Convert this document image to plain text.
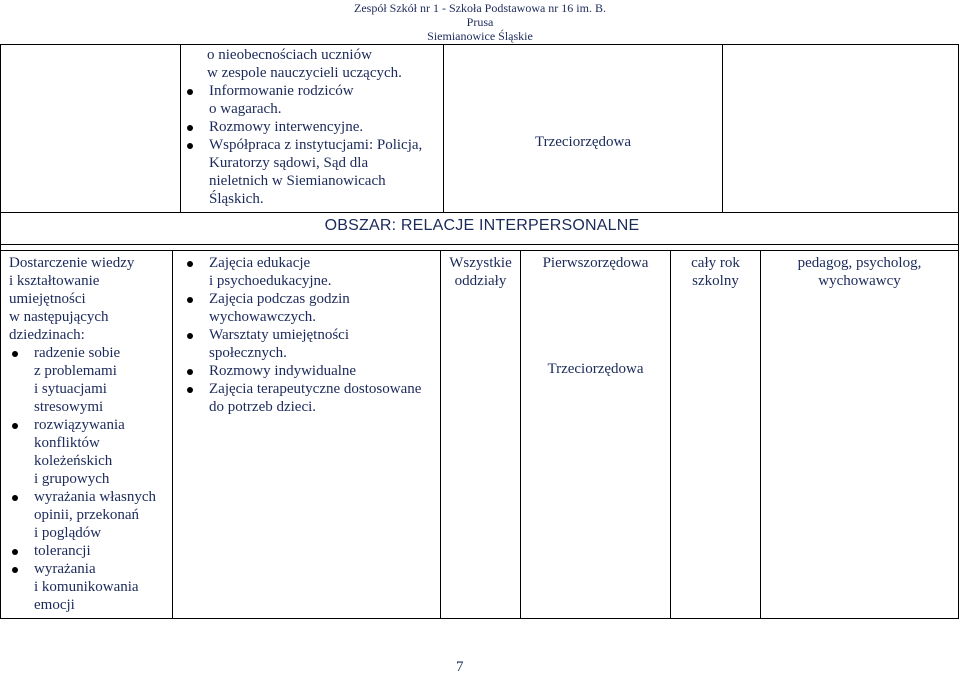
Zespół Szkół nr 1 - Szkoła Podstawowa nr 16 im. B. Prusa
Siemianowice Śląskie
o nieobecnościach uczniów
w zespole nauczycieli uczących.
Informowanie rodziców
o wagarach.
Rozmowy interwencyjne.
Współpraca z instytucjami: Policja,
Kuratorzy sądowi, Sąd dla
nieletnich w Siemianowicach
Śląskich.
Trzeciorzędowa
OBSZAR: RELACJE INTERPERSONALNE
Dostarczenie wiedzy
i kształtowanie
umiejętności
w następujących
dziedzinach:
radzenie sobie
z problemami
i sytuacjami
stresowymi
rozwiązywania
konfliktów
koleżeńskich
i grupowych
wyrażania własnych
opinii, przekonań
i poglądów
tolerancji
wyrażania
i komunikowania
emocji
Zajęcia edukacje
i psychoedukacyjne.
Zajęcia podczas godzin
wychowawczych.
Warsztaty umiejętności
społecznych.
Rozmowy indywidualne
Zajęcia terapeutyczne dostosowane
do potrzeb dzieci.
Wszystkie
oddziały
Pierwszorzędowa
Trzeciorzędowa
cały rok
szkolny
pedagog, psycholog,
wychowawcy
7
